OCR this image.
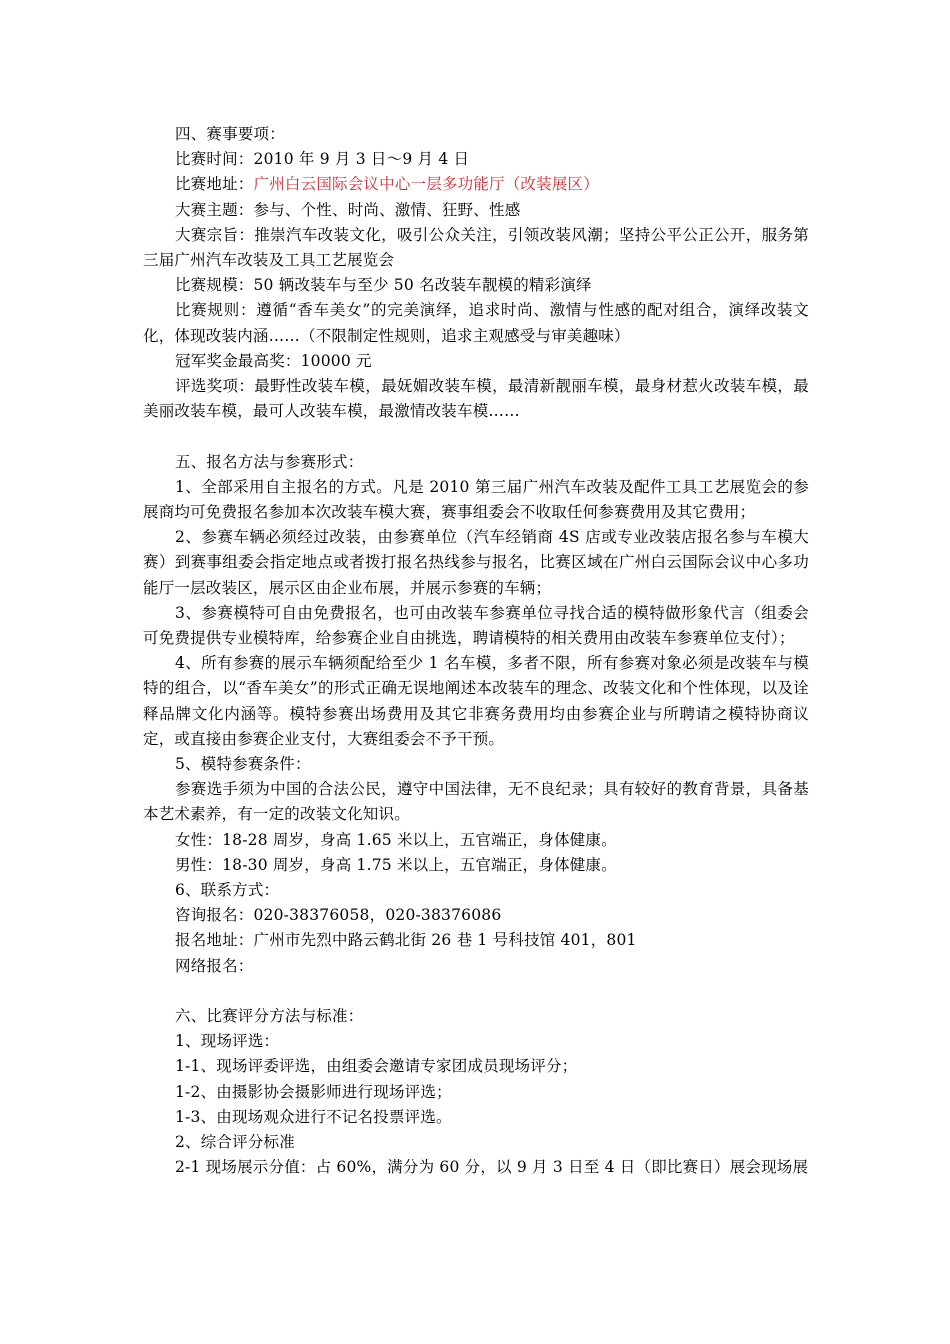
四、赛事要项：

比赛时间：2010 年 9 月 3 日～9 月 4 日

比赛地址：广州白云国际会议中心一层多功能厅（改装展区）

大赛主题：参与、个性、时尚、激情、狂野、性感

大赛宗旨：推崇汽车改装文化，吸引公众关注，引领改装风潮；坚持公平公正公开，服务第三届广州汽车改装及工具工艺展览会

比赛规模：50 辆改装车与至少 50 名改装车靓模的精彩演绎

比赛规则：遵循“香车美女”的完美演绎，追求时尚、激情与性感的配对组合，演绎改装文化，体现改装内涵……（不限制定性规则，追求主观感受与审美趣味）

冠军奖金最高奖：10000 元

评选奖项：最野性改装车模，最妩媚改装车模，最清新靓丽车模，最身材惹火改装车模，最美丽改装车模，最可人改装车模，最激情改装车模……

五、报名方法与参赛形式：

1、全部采用自主报名的方式。凡是 2010 第三届广州汽车改装及配件工具工艺展览会的参展商均可免费报名参加本次改装车模大赛，赛事组委会不收取任何参赛费用及其它费用；

2、参赛车辆必须经过改装，由参赛单位（汽车经销商 4S 店或专业改装店报名参与车模大赛）到赛事组委会指定地点或者拨打报名热线参与报名，比赛区域在广州白云国际会议中心多功能厅一层改装区，展示区由企业布展，并展示参赛的车辆；

3、参赛模特可自由免费报名，也可由改装车参赛单位寻找合适的模特做形象代言（组委会可免费提供专业模特库，给参赛企业自由挑选，聘请模特的相关费用由改装车参赛单位支付）；

4、所有参赛的展示车辆须配给至少 1 名车模，多者不限，所有参赛对象必须是改装车与模特的组合，以“香车美女”的形式正确无误地阐述本改装车的理念、改装文化和个性体现，以及诠释品牌文化内涵等。模特参赛出场费用及其它非赛务费用均由参赛企业与所聘请之模特协商议定，或直接由参赛企业支付，大赛组委会不予干预。

5、模特参赛条件：

参赛选手须为中国的合法公民，遵守中国法律，无不良纪录；具有较好的教育背景，具备基本艺术素养，有一定的改装文化知识。

女性：18-28 周岁，身高 1.65 米以上，五官端正，身体健康。

男性：18-30 周岁，身高 1.75 米以上，五官端正，身体健康。

6、联系方式：

咨询报名：020-38376058，020-38376086

报名地址：广州市先烈中路云鹤北街 26 巷 1 号科技馆 401，801

网络报名：

六、比赛评分方法与标准：

1、现场评选：

1-1、现场评委评选，由组委会邀请专家团成员现场评分；

1-2、由摄影协会摄影师进行现场评选；

1-3、由现场观众进行不记名投票评选。

2、综合评分标准

2-1 现场展示分值：占 60%，满分为 60 分，以 9 月 3 日至 4 日（即比赛日）展会现场展
